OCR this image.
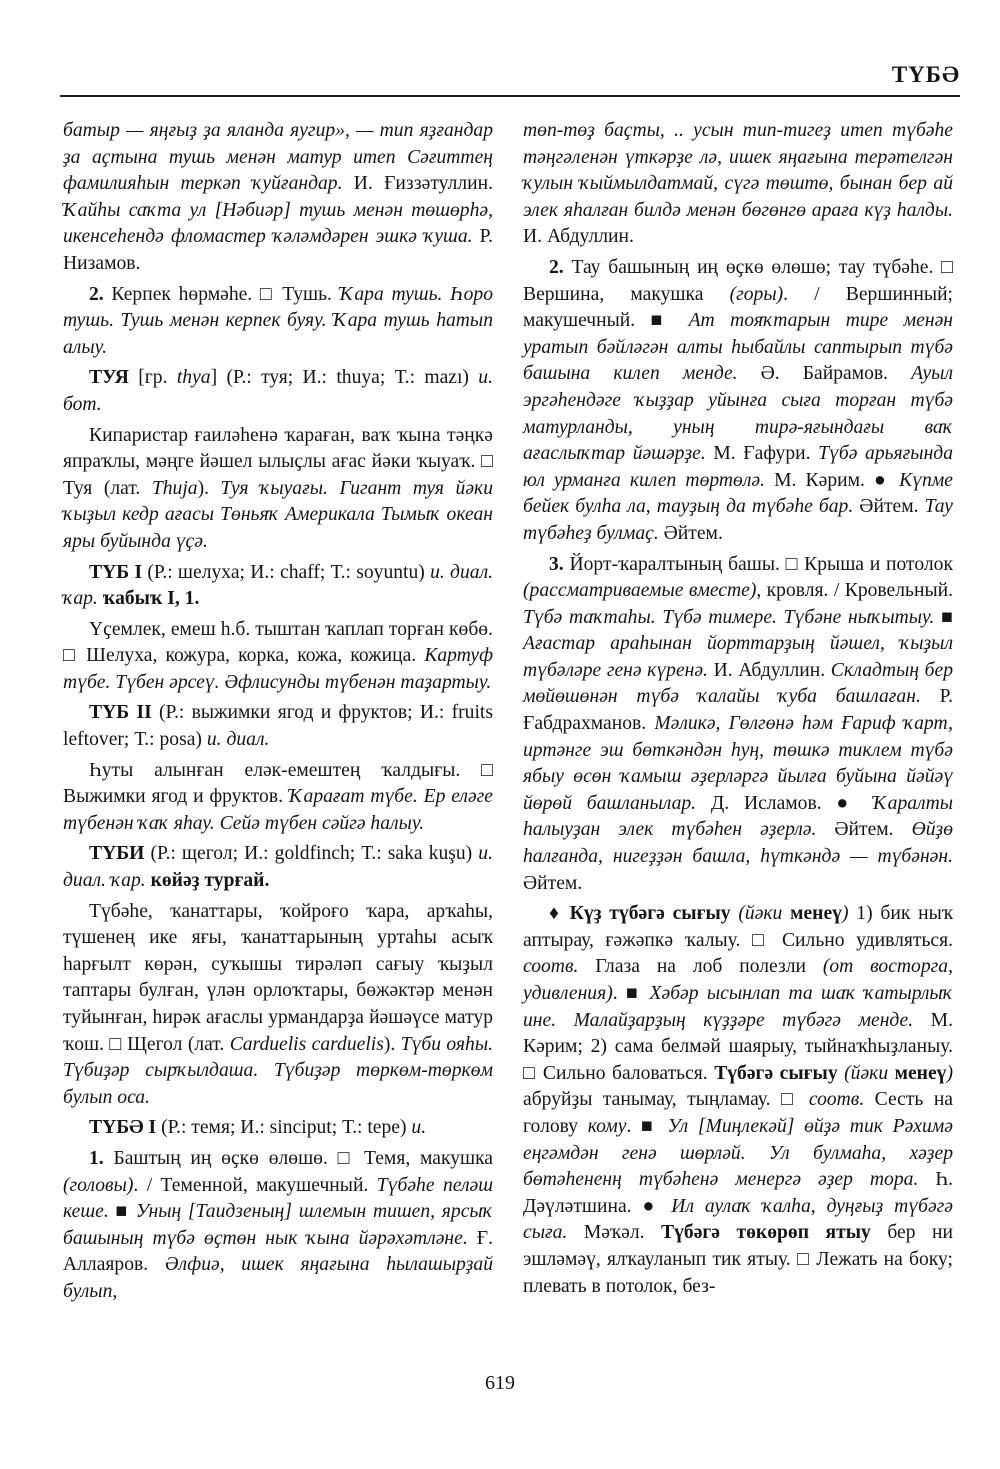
ТҮБӘ

батыр — яңғыҙ ҙа яланда яугир», — тип яҙғандар ҙа аҫтына тушь менән матур итеп Сәғиттең фамилияһын теркәп ҡуйғандар. И. Ғиззәтуллин. Ҡайһы саҡта ул [Нәбиәр] тушь менән төшөрһә, икенсеһендә фломастер ҡәләмдәрен эшкә ҡуша. Р. Низамов.

2. Керпек һөрмәһе. □ Тушь. Ҡара тушь. Һоро тушь. Тушь менән керпек буяу. Ҡара тушь һатып алыу.

ТУЯ [гр. thya] (Р.: туя; И.: thuya; Т.: mazı) и. бот.

Кипаристар ғаиләһенә ҡараған, ваҡ ҡына тәңкә япраҡлы, мәңге йәшел ылыҫлы ағас йәки ҡыуаҡ. □ Туя (лат. Thuja). Туя ҡыуағы. Гигант туя йәки ҡыҙыл кедр ағасы Төньяҡ Америкала Тымыҡ океан яры буйында үҫә.

ТҮБ I (Р.: шелуха; И.: chaff; Т.: soyuntu) и. диал. ҡар. ҡабыҡ I, 1.

Үҫемлек, емеш һ.б. тыштан ҡаплап торған көбө. □ Шелуха, кожура, корка, кожа, кожица. Картуф түбе. Түбен әрсеү. Әфлисунды түбенән таҙартыу.

ТҮБ II (Р.: выжимки ягод и фруктов; И.: fruits leftover; Т.: posa) и. диал.

Һуты алынған еләк-емештең ҡалдығы. □ Выжимки ягод и фруктов. Ҡарағат түбе. Ер еләге түбенән ҡаҡ яһау. Сейә түбен сәйгә һалыу.

ТҮБИ (Р.: щегол; И.: goldfinch; Т.: saka kuşu) и. диал. ҡар. көйәҙ турғай.

Түбәһе, ҡанаттары, ҡойроғо ҡара, арҡаһы, түшенең ике яғы, ҡанаттарының уртаһы асыҡ һарғылт көрән, суҡышы тирәләп сағыу ҡыҙыл таптары булған, үлән орлоҡтары, бөжәктәр менән туйынған, һирәк ағаслы урмандарҙа йәшәүсе матур ҡош. □ Щегол (лат. Carduelis carduelis). Түби ояһы. Түбиҙәр сырҡылдаша. Түбиҙәр төркөм-төркөм булып оса.

ТҮБӘ I (Р.: темя; И.: sinciput; Т.: tepe) и.

1. Баштың иң өҫкө өлөшө. □ Темя, макушка (головы). / Теменной, макушечный. Түбәһе пеләш кеше. ■ Уның [Таидзеның] шлемын тишеп, ярсыҡ башының түбә өҫтөн нык ҡына йәрәхәтләне. Ғ. Аллаяров. Әлфиә, ишек яңағына һылашырҙай булып,

төп-төҙ баҫты, .. усын тип-тигеҙ итеп түбәһе тәңгәленән үткәрҙе лә, ишек яңағына терәтелгән ҡулын ҡыймылдатмай, сүгә төштө, бынан бер ай элек яһалған билдә менән бөгөнгө араға күҙ һалды. И. Абдуллин.

2. Тау башының иң өҫкө өлөшө; тау түбәһе. □ Вершина, макушка (горы). / Вершинный; макушечный. ■ Ат тояҡтарын тире менән уратып бәйләгән алты һыбайлы саптырып түбә башына килеп менде. Ә. Байрамов. Ауыл эргәһендәге ҡыҙҙар уйынға сыға торған түбә матурланды, уның тирә-яғындағы ваҡ ағаслыҡтар йәшәрҙе. М. Ғафури. Түбә арьяғында юл урманға килеп төртөлә. М. Кәрим. ● Күпме бейек булһа ла, тауҙың да түбәһе бар. Әйтем. Тау түбәһеҙ булмаҫ. Әйтем.

3. Йорт-ҡаралтының башы. □ Крыша и потолок (рассматриваемые вместе), кровля. / Кровельный. Түбә таҡтаһы. Түбә тимере. Түбәне ныҡытыу. ■ Ағастар араһынан йорттарҙың йәшел, ҡыҙыл түбәләре генә күренә. И. Абдуллин. Складтың бер мөйөшөнән түбә ҡалайы ҡуба башлаған. Р. Ғабдрахманов. Мәликә, Гөлгөнә һәм Ғариф ҡарт, иртәнге эш бөткәндән һуң, төшкә тиклем түбә ябыу өсөн ҡамыш әҙерләргә йылға буйына йәйәү йөрөй башланылар. Д. Исламов. ● Ҡаралты һалыуҙан элек түбәһен әҙерлә. Әйтем. Өйҙө һалғанда, нигеҙҙән башла, һүткәндә — түбәнән. Әйтем.

♦ Күҙ түбәгә сығыу (йәки менеү) 1) бик ныҡ аптырау, ғәжәпкә ҡалыу. □ Сильно удивляться. соотв. Глаза на лоб полезли (от восторга, удивления). ■ Хәбәр ысынлап та шаҡ ҡатырлыҡ ине. Малайҙарҙың күҙҙәре түбәгә менде. М. Кәрим; 2) сама белмәй шаярыу, тыйнаҡһыҙланыу. □ Сильно баловаться. Түбәгә сығыу (йәки менеү) абруйҙы танымау, тыңламау. □ соотв. Сесть на голову кому. ■ Ул [Миңлекәй] өйҙә тик Рәхимә еңгәмдән генә шөрләй. Ул булмаһа, хәҙер бөтәһененң түбәһенә менергә әҙер тора. Һ. Дәүләтшина. ● Ил аулаҡ ҡалһа, дуңғыҙ түбәгә сыға. Мәҡәл. Түбәгә төкөрөп ятыу бер ни эшләмәү, ялҡауланып тик ятыу. □ Лежать на боку; плевать в потолок, без-

619
